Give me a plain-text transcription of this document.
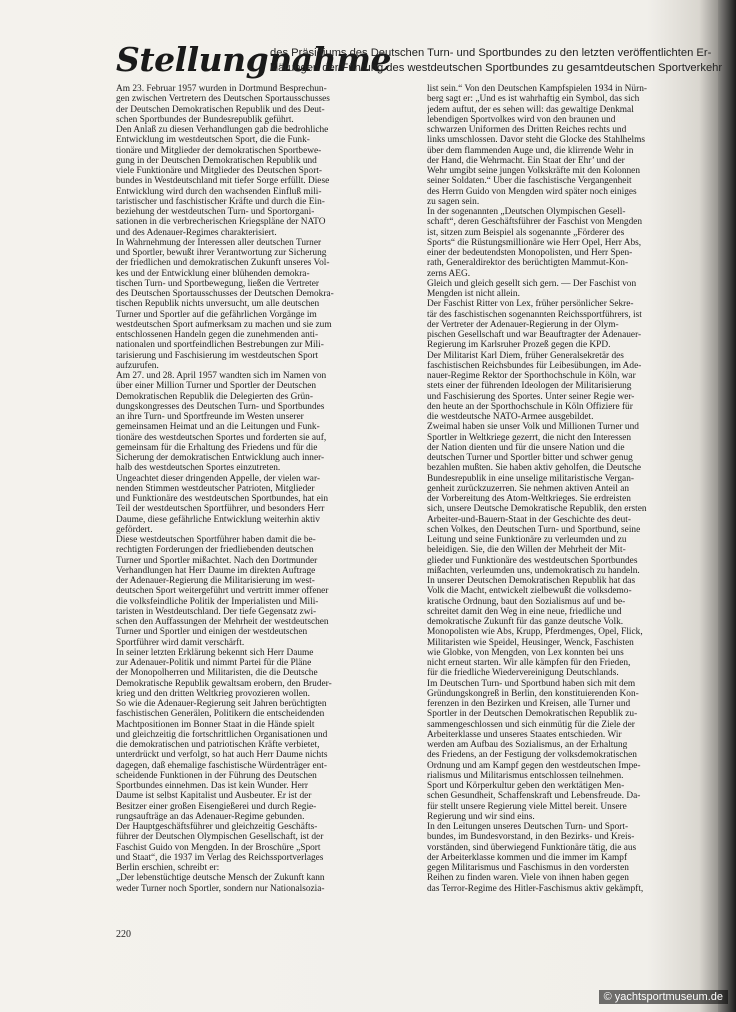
Stellungnahme
des Präsidiums des Deutschen Turn- und Sportbundes zu den letzten veröffentlichten Er-
klärungen der Führung des westdeutschen Sportbundes zu gesamtdeutschen Sportverkehr
Am 23. Februar 1957 wurden in Dortmund Besprechun-
gen zwischen Vertretern des Deutschen Sportausschusses
der Deutschen Demokratischen Republik und des Deut-
schen Sportbundes der Bundesrepublik geführt.
Den Anlaß zu diesen Verhandlungen gab die bedrohliche
Entwicklung im westdeutschen Sport, die die Funk-
tionäre und Mitglieder der demokratischen Sportbewe-
gung in der Deutschen Demokratischen Republik und
viele Funktionäre und Mitglieder des Deutschen Sport-
bundes in Westdeutschland mit tiefer Sorge erfüllt. Diese
Entwicklung wird durch den wachsenden Einfluß mili-
taristischer und faschistischer Kräfte und durch die Ein-
beziehung der westdeutschen Turn- und Sportorgani-
sationen in die verbrecherischen Kriegspläne der NATO
und des Adenauer-Regimes charakterisiert.
In Wahrnehmung der Interessen aller deutschen Turner
und Sportler, bewußt ihrer Verantwortung zur Sicherung
der friedlichen und demokratischen Zukunft unseres Vol-
kes und der Entwicklung einer blühenden demokra-
tischen Turn- und Sportbewegung, ließen die Vertreter
des Deutschen Sportausschusses der Deutschen Demokra-
tischen Republik nichts unversucht, um alle deutschen
Turner und Sportler auf die gefährlichen Vorgänge im
westdeutschen Sport aufmerksam zu machen und sie zum
entschlossenen Handeln gegen die zunehmenden anti-
nationalen und sportfeindlichen Bestrebungen zur Mili-
tarisierung und Faschisierung im westdeutschen Sport
aufzurufen.
Am 27. und 28. April 1957 wandten sich im Namen von
über einer Million Turner und Sportler der Deutschen
Demokratischen Republik die Delegierten des Grün-
dungskongresses des Deutschen Turn- und Sportbundes
an ihre Turn- und Sportfreunde im Westen unserer
gemeinsamen Heimat und an die Leitungen und Funk-
tionäre des westdeutschen Sportes und forderten sie auf,
gemeinsam für die Erhaltung des Friedens und für die
Sicherung der demokratischen Entwicklung auch inner-
halb des westdeutschen Sportes einzutreten.
Ungeachtet dieser dringenden Appelle, der vielen war-
nenden Stimmen westdeutscher Patrioten, Mitglieder
und Funktionäre des westdeutschen Sportbundes, hat ein
Teil der westdeutschen Sportführer, und besonders Herr
Daume, diese gefährliche Entwicklung weiterhin aktiv
gefördert.
Diese westdeutschen Sportführer haben damit die be-
rechtigten Forderungen der friedliebenden deutschen
Turner und Sportler mißachtet. Nach den Dortmunder
Verhandlungen hat Herr Daume im direkten Auftrage
der Adenauer-Regierung die Militarisierung im west-
deutschen Sport weitergeführt und vertritt immer offener
die volksfeindliche Politik der Imperialisten und Mili-
taristen in Westdeutschland. Der tiefe Gegensatz zwi-
schen den Auffassungen der Mehrheit der westdeutschen
Turner und Sportler und einigen der westdeutschen
Sportführer wird damit verschärft.
In seiner letzten Erklärung bekennt sich Herr Daume
zur Adenauer-Politik und nimmt Partei für die Pläne
der Monopolherren und Militaristen, die die Deutsche
Demokratische Republik gewaltsam erobern, den Bruder-
krieg und den dritten Weltkrieg provozieren wollen.
So wie die Adenauer-Regierung seit Jahren berüchtigten
faschistischen Generälen, Politikern die entscheidenden
Machtpositionen im Bonner Staat in die Hände spielt
und gleichzeitig die fortschrittlichen Organisationen und
die demokratischen und patriotischen Kräfte verbietet,
unterdrückt und verfolgt, so hat auch Herr Daume nichts
dagegen, daß ehemalige faschistische Würdenträger ent-
scheidende Funktionen in der Führung des Deutschen
Sportbundes einnehmen. Das ist kein Wunder. Herr
Daume ist selbst Kapitalist und Ausbeuter. Er ist der
Besitzer einer großen Eisengießerei und durch Regie-
rungsaufträge an das Adenauer-Regime gebunden.
Der Hauptgeschäftsführer und gleichzeitig Geschäfts-
führer der Deutschen Olympischen Gesellschaft, ist der
Faschist Guido von Mengden. In der Broschüre „Sport
und Staat“, die 1937 im Verlag des Reichssportverlages
Berlin erschien, schreibt er:
„Der lebenstüchtige deutsche Mensch der Zukunft kann
weder Turner noch Sportler, sondern nur Nationalsozia-
list sein.“ Von den Deutschen Kampfspielen 1934 in Nürn-
berg sagt er: „Und es ist wahrhaftig ein Symbol, das sich
jedem auftut, der es sehen will: das gewaltige Denkmal
lebendigen Sportvolkes wird von den braunen und
schwarzen Uniformen des Dritten Reiches rechts und
links umschlossen. Davor steht die Glocke des Stahlhelms
über dem flammenden Auge und, die klirrende Wehr in
der Hand, die Wehrmacht. Ein Staat der Ehr’ und der
Wehr umgibt seine jungen Volkskräfte mit den Kolonnen
seiner Soldaten.“ Über die faschistische Vergangenheit
des Herrn Guido von Mengden wird später noch einiges
zu sagen sein.
In der sogenannten „Deutschen Olympischen Gesell-
schaft“, deren Geschäftsführer der Faschist von Mengden
ist, sitzen zum Beispiel als sogenannte „Förderer des
Sports“ die Rüstungsmillionäre wie Herr Opel, Herr Abs,
einer der bedeutendsten Monopolisten, und Herr Spen-
rath, Generaldirektor des berüchtigten Mammut-Kon-
zerns AEG.
Gleich und gleich gesellt sich gern. — Der Faschist von
Mengden ist nicht allein.
Der Faschist Ritter von Lex, früher persönlicher Sekre-
tär des faschistischen sogenannten Reichssportführers, ist
der Vertreter der Adenauer-Regierung in der Olym-
pischen Gesellschaft und war Beauftragter der Adenauer-
Regierung im Karlsruher Prozeß gegen die KPD.
Der Militarist Karl Diem, früher Generalsekretär des
faschistischen Reichsbundes für Leibesübungen, im Ade-
nauer-Regime Rektor der Sporthochschule in Köln, war
stets einer der führenden Ideologen der Militarisierung
und Faschisierung des Sportes. Unter seiner Regie wer-
den heute an der Sporthochschule in Köln Offiziere für
die westdeutsche NATO-Armee ausgebildet.
Zweimal haben sie unser Volk und Millionen Turner und
Sportler in Weltkriege gezerrt, die nicht den Interessen
der Nation dienten und für die unsere Nation und die
deutschen Turner und Sportler bitter und schwer genug
bezahlen mußten. Sie haben aktiv geholfen, die Deutsche
Bundesrepublik in eine unselige militaristische Vergan-
genheit zurückzuzerren. Sie nehmen aktiven Anteil an
der Vorbereitung des Atom-Weltkrieges. Sie erdreisten
sich, unsere Deutsche Demokratische Republik, den ersten
Arbeiter-und-Bauern-Staat in der Geschichte des deut-
schen Volkes, den Deutschen Turn- und Sportbund, seine
Leitung und seine Funktionäre zu verleumden und zu
beleidigen. Sie, die den Willen der Mehrheit der Mit-
glieder und Funktionäre des westdeutschen Sportbundes
mißachten, verleumden uns, undemokratisch zu handeln.
In unserer Deutschen Demokratischen Republik hat das
Volk die Macht, entwickelt zielbewußt die volksdemo-
kratische Ordnung, baut den Sozialismus auf und be-
schreitet damit den Weg in eine neue, friedliche und
demokratische Zukunft für das ganze deutsche Volk.
Monopolisten wie Abs, Krupp, Pferdmenges, Opel, Flick,
Militaristen wie Speidel, Heusinger, Wenck, Faschisten
wie Globke, von Mengden, von Lex konnten bei uns
nicht erneut starten. Wir alle kämpfen für den Frieden,
für die friedliche Wiedervereinigung Deutschlands.
Im Deutschen Turn- und Sportbund haben sich mit dem
Gründungskongreß in Berlin, den konstituierenden Kon-
ferenzen in den Bezirken und Kreisen, alle Turner und
Sportler in der Deutschen Demokratischen Republik zu-
sammengeschlossen und sich einmütig für die Ziele der
Arbeiterklasse und unseres Staates entschieden. Wir
werden am Aufbau des Sozialismus, an der Erhaltung
des Friedens, an der Festigung der volksdemokratischen
Ordnung und am Kampf gegen den westdeutschen Impe-
rialismus und Militarismus entschlossen teilnehmen.
Sport und Körperkultur geben den werktätigen Men-
schen Gesundheit, Schaffenskraft und Lebensfreude. Da-
für stellt unsere Regierung viele Mittel bereit. Unsere
Regierung und wir sind eins.
In den Leitungen unseres Deutschen Turn- und Sport-
bundes, im Bundesvorstand, in den Bezirks- und Kreis-
vorständen, sind überwiegend Funktionäre tätig, die aus
der Arbeiterklasse kommen und die immer im Kampf
gegen Militarismus und Faschismus in den vordersten
Reihen zu finden waren. Viele von ihnen haben gegen
das Terror-Regime des Hitler-Faschismus aktiv gekämpft,
220
© yachtsportmuseum.de
